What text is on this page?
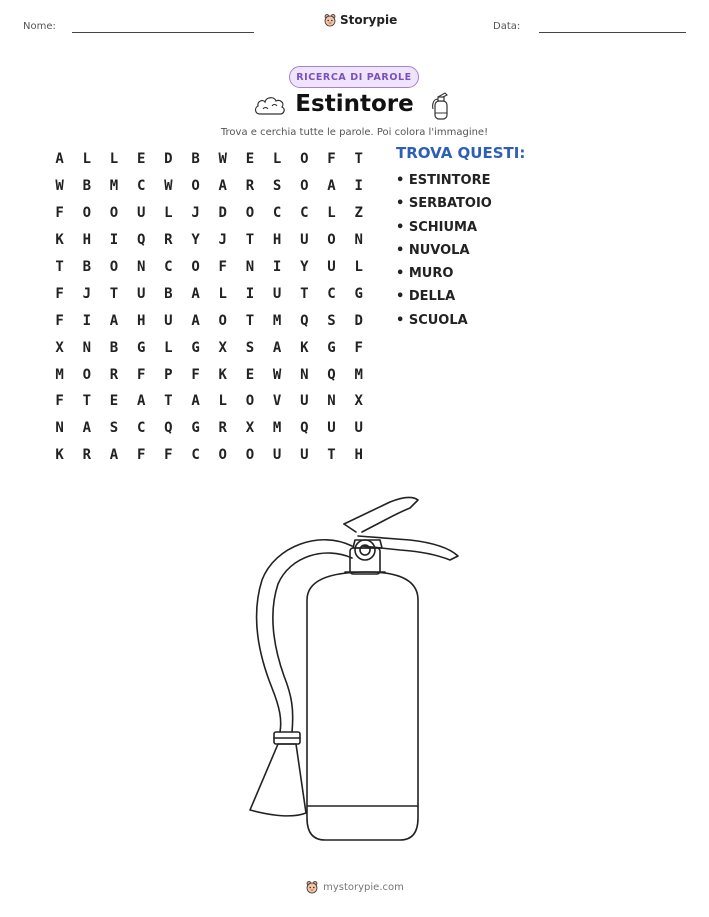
Nome:	Storypie	Data:
RICERCA DI PAROLE
Estintore
Trova e cerchia tutte le parole. Poi colora l'immagine!
A	L	L	E	D	B	W	E	L	O	F	T
W	B	M	C	W	O	A	R	S	O	A	I
F	O	O	U	L	J	D	O	C	C	L	Z
K	H	I	Q	R	Y	J	T	H	U	O	N
T	B	O	N	C	O	F	N	I	Y	U	L
F	J	T	U	B	A	L	I	U	T	C	G
F	I	A	H	U	A	O	T	M	Q	S	D
X	N	B	G	L	G	X	S	A	K	G	F
M	O	R	F	P	F	K	E	W	N	Q	M
F	T	E	A	T	A	L	O	V	U	N	X
N	A	S	C	Q	G	R	X	M	Q	U	U
K	R	A	F	F	C	O	O	U	U	T	H
TROVA QUESTI:
• ESTINTORE
• SERBATOIO
• SCHIUMA
• NUVOLA
• MURO
• DELLA
• SCUOLA
mystorypie.com
